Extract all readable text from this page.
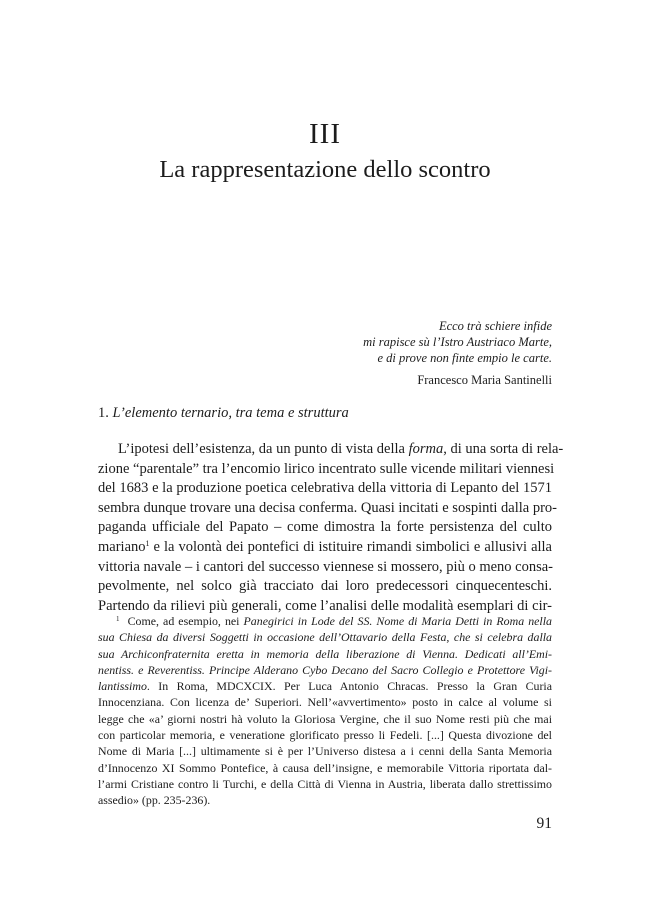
III
La rappresentazione dello scontro
Ecco trà schiere infide
mi rapisce sù l’Istro Austriaco Marte,
e di prove non finte empio le carte.
Francesco Maria Santinelli
1. L’elemento ternario, tra tema e struttura
L’ipotesi dell’esistenza, da un punto di vista della forma, di una sorta di rela-
zione “parentale” tra l’encomio lirico incentrato sulle vicende militari viennesi
del 1683 e la produzione poetica celebrativa della vittoria di Lepanto del 1571
sembra dunque trovare una decisa conferma. Quasi incitati e sospinti dalla pro-
paganda ufficiale del Papato – come dimostra la forte persistenza del culto
mariano$^1$ e la volontà dei pontefici di istituire rimandi simbolici e allusivi alla
vittoria navale – i cantori del successo viennese si mossero, più o meno consa-
pevolmente, nel solco già tracciato dai loro predecessori cinquecenteschi.
Partendo da rilievi più generali, come l’analisi delle modalità esemplari di cir-
$^1$ Come, ad esempio, nei Panegirici in Lode del SS. Nome di Maria Detti in Roma nella
sua Chiesa da diversi Soggetti in occasione dell’Ottavario della Festa, che si celebra dalla
sua Archiconfraternita eretta in memoria della liberazione di Vienna. Dedicati all’Emi-
nentiss. e Reverentiss. Principe Alderano Cybo Decano del Sacro Collegio e Protettore Vigi-
lantissimo. In Roma, MDCXCIX. Per Luca Antonio Chracas. Presso la Gran Curia
Innocenziana. Con licenza de’ Superiori. Nell’«avvertimento» posto in calce al volume si
legge che «a’ giorni nostri hà voluto la Gloriosa Vergine, che il suo Nome resti più che mai
con particolar memoria, e veneratione glorificato presso li Fedeli. [...] Questa divozione del
Nome di Maria [...] ultimamente si è per l’Universo distesa a i cenni della Santa Memoria
d’Innocenzo XI Sommo Pontefice, à causa dell’insigne, e memorabile Vittoria riportata dal-
l’armi Cristiane contro li Turchi, e della Città di Vienna in Austria, liberata dallo strettissimo
assedio» (pp. 235-236).
91
